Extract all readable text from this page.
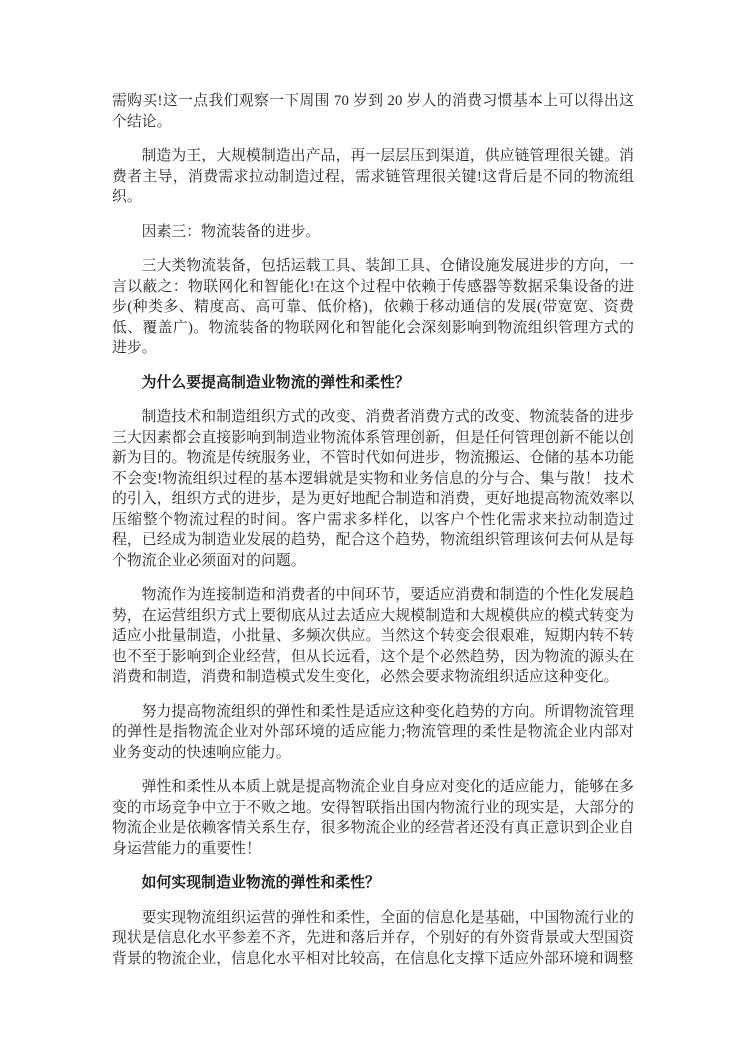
需购买!这一点我们观察一下周围 70 岁到 20 岁人的消费习惯基本上可以得出这个结论。

制造为王，大规模制造出产品，再一层层压到渠道，供应链管理很关键。消费者主导，消费需求拉动制造过程，需求链管理很关键!这背后是不同的物流组织。

因素三：物流装备的进步。

三大类物流装备，包括运载工具、装卸工具、仓储设施发展进步的方向，一言以蔽之：物联网化和智能化!在这个过程中依赖于传感器等数据采集设备的进步(种类多、精度高、高可靠、低价格)，依赖于移动通信的发展(带宽宽、资费低、覆盖广)。物流装备的物联网化和智能化会深刻影响到物流组织管理方式的进步。

为什么要提高制造业物流的弹性和柔性？

制造技术和制造组织方式的改变、消费者消费方式的改变、物流装备的进步三大因素都会直接影响到制造业物流体系管理创新，但是任何管理创新不能以创新为目的。物流是传统服务业，不管时代如何进步，物流搬运、仓储的基本功能不会变!物流组织过程的基本逻辑就是实物和业务信息的分与合、集与散！ 技术的引入，组织方式的进步，是为更好地配合制造和消费，更好地提高物流效率以压缩整个物流过程的时间。客户需求多样化，以客户个性化需求来拉动制造过程，已经成为制造业发展的趋势，配合这个趋势，物流组织管理该何去何从是每个物流企业必须面对的问题。

物流作为连接制造和消费者的中间环节，要适应消费和制造的个性化发展趋势，在运营组织方式上要彻底从过去适应大规模制造和大规模供应的模式转变为适应小批量制造，小批量、多频次供应。当然这个转变会很艰难，短期内转不转也不至于影响到企业经营，但从长远看，这个是个必然趋势，因为物流的源头在消费和制造，消费和制造模式发生变化，必然会要求物流组织适应这种变化。

努力提高物流组织的弹性和柔性是适应这种变化趋势的方向。所谓物流管理的弹性是指物流企业对外部环境的适应能力;物流管理的柔性是物流企业内部对业务变动的快速响应能力。

弹性和柔性从本质上就是提高物流企业自身应对变化的适应能力，能够在多变的市场竞争中立于不败之地。安得智联指出国内物流行业的现实是，大部分的物流企业是依赖客情关系生存，很多物流企业的经营者还没有真正意识到企业自身运营能力的重要性！

如何实现制造业物流的弹性和柔性？

要实现物流组织运营的弹性和柔性，全面的信息化是基础，中国物流行业的现状是信息化水平参差不齐，先进和落后并存，个别好的有外资背景或大型国资背景的物流企业，信息化水平相对比较高，在信息化支撑下适应外部环境和调整
